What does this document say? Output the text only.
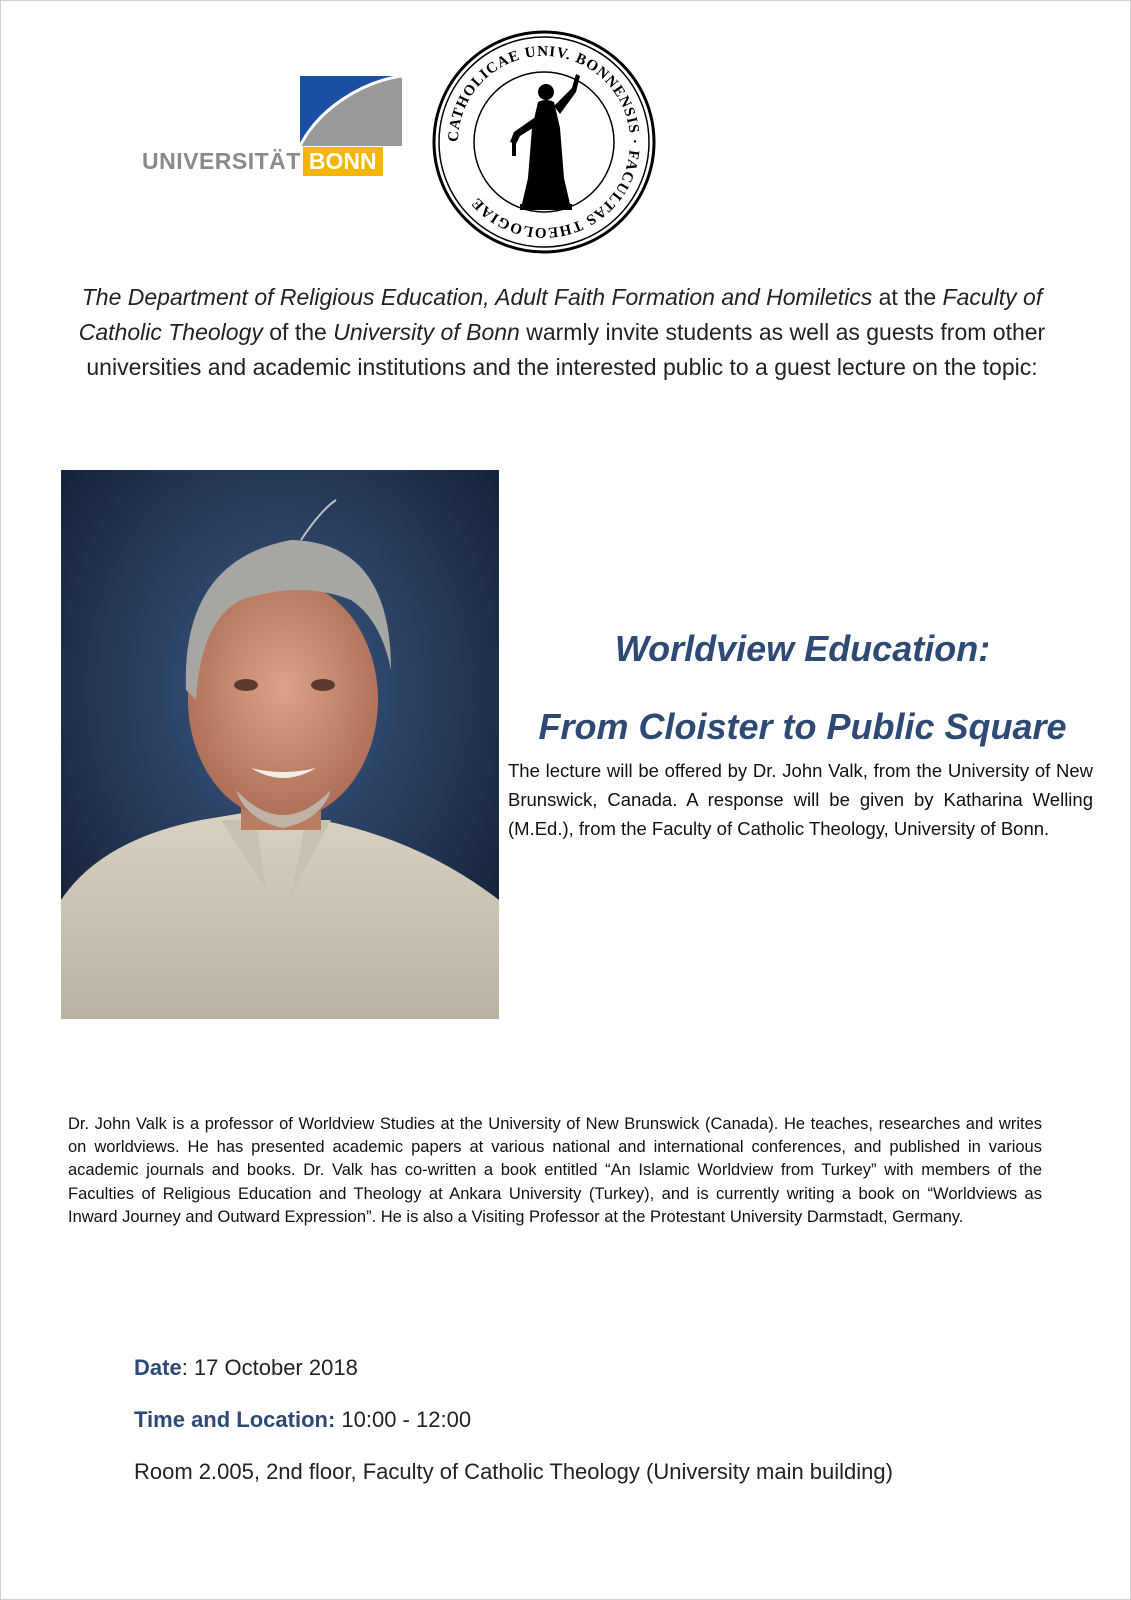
UNIVERSITÄT BONN
CATHOLICAE UNIV. BONNENSIS · FACULTAS THEOLOGIAE
The Department of Religious Education, Adult Faith Formation and Homiletics at the Faculty of Catholic Theology of the University of Bonn warmly invite students as well as guests from other universities and academic institutions and the interested public to a guest lecture on the topic:
Worldview Education:
From Cloister to Public Square
The lecture will be offered by Dr. John Valk, from the University of New Brunswick, Canada. A response will be given by Katharina Welling (M.Ed.), from the Faculty of Catholic Theology, University of Bonn.
Dr. John Valk is a professor of Worldview Studies at the University of New Brunswick (Canada). He teaches, researches and writes on worldviews. He has presented academic papers at various national and international conferences, and published in various academic journals and books. Dr. Valk has co-written a book entitled “An Islamic Worldview from Turkey” with members of the Faculties of Religious Education and Theology at Ankara University (Turkey), and is currently writing a book on “Worldviews as Inward Journey and Outward Expression”. He is also a Visiting Professor at the Protestant University Darmstadt, Germany.
Date: 17 October 2018
Time and Location: 10:00 - 12:00
Room 2.005, 2nd floor, Faculty of Catholic Theology (University main building)
